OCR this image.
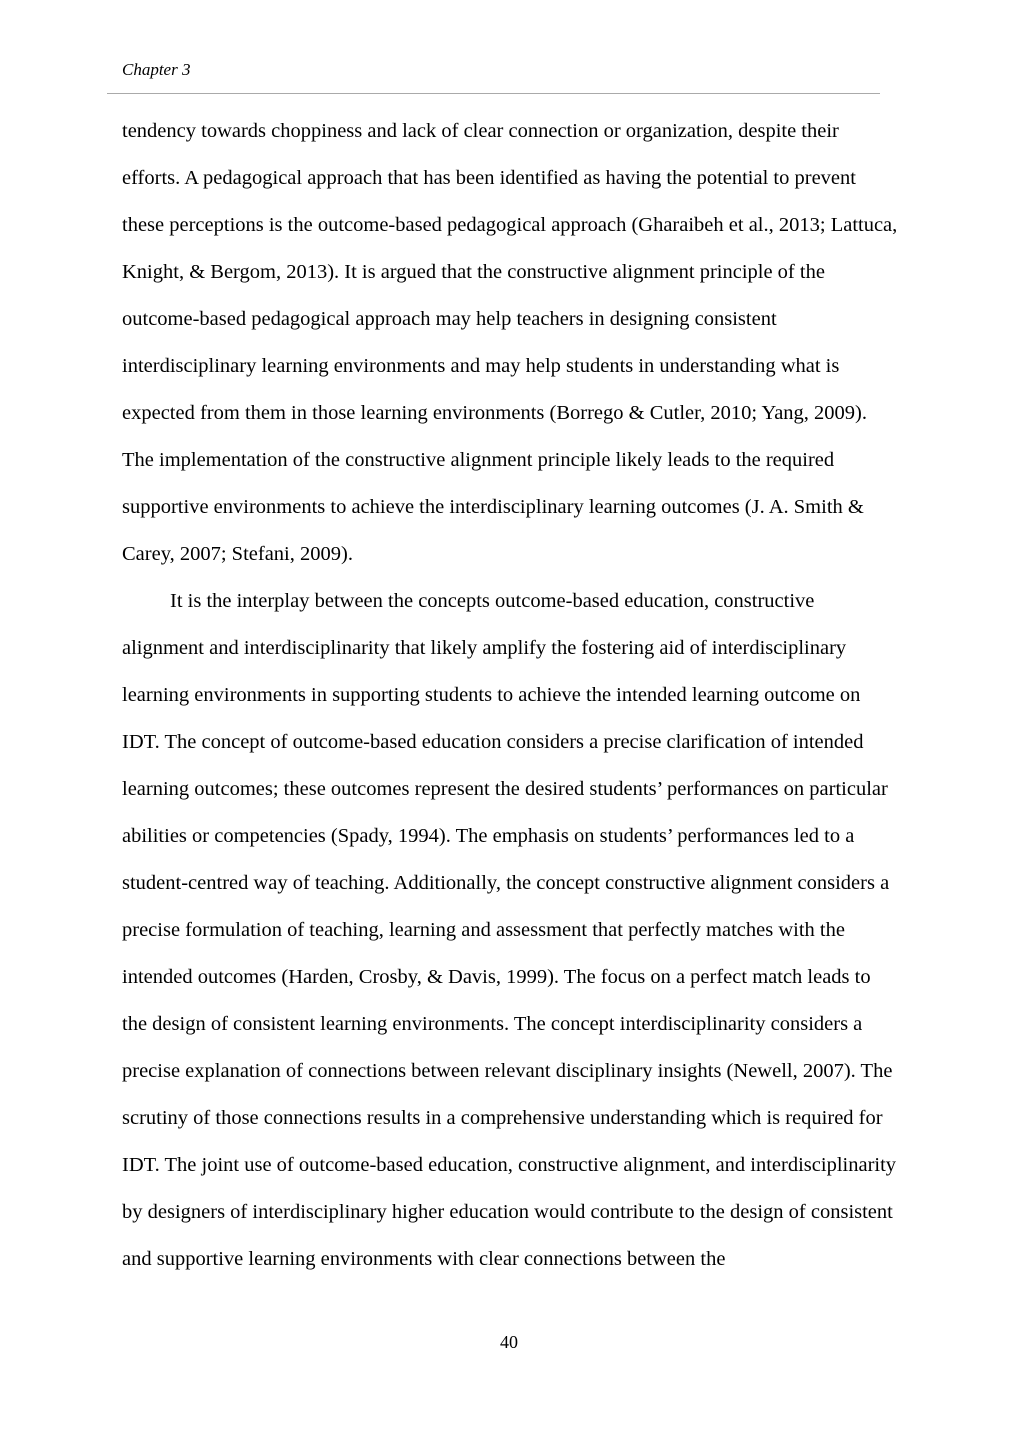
Chapter 3

tendency towards choppiness and lack of clear connection or organization, despite their efforts. A pedagogical approach that has been identified as having the potential to prevent these perceptions is the outcome-based pedagogical approach (Gharaibeh et al., 2013; Lattuca, Knight, & Bergom, 2013). It is argued that the constructive alignment principle of the outcome-based pedagogical approach may help teachers in designing consistent interdisciplinary learning environments and may help students in understanding what is expected from them in those learning environments (Borrego & Cutler, 2010; Yang, 2009). The implementation of the constructive alignment principle likely leads to the required supportive environments to achieve the interdisciplinary learning outcomes (J. A. Smith & Carey, 2007; Stefani, 2009).

It is the interplay between the concepts outcome-based education, constructive alignment and interdisciplinarity that likely amplify the fostering aid of interdisciplinary learning environments in supporting students to achieve the intended learning outcome on IDT. The concept of outcome-based education considers a precise clarification of intended learning outcomes; these outcomes represent the desired students’ performances on particular abilities or competencies (Spady, 1994). The emphasis on students’ performances led to a student-centred way of teaching. Additionally, the concept constructive alignment considers a precise formulation of teaching, learning and assessment that perfectly matches with the intended outcomes (Harden, Crosby, & Davis, 1999). The focus on a perfect match leads to the design of consistent learning environments. The concept interdisciplinarity considers a precise explanation of connections between relevant disciplinary insights (Newell, 2007). The scrutiny of those connections results in a comprehensive understanding which is required for IDT. The joint use of outcome-based education, constructive alignment, and interdisciplinarity by designers of interdisciplinary higher education would contribute to the design of consistent and supportive learning environments with clear connections between the

40
